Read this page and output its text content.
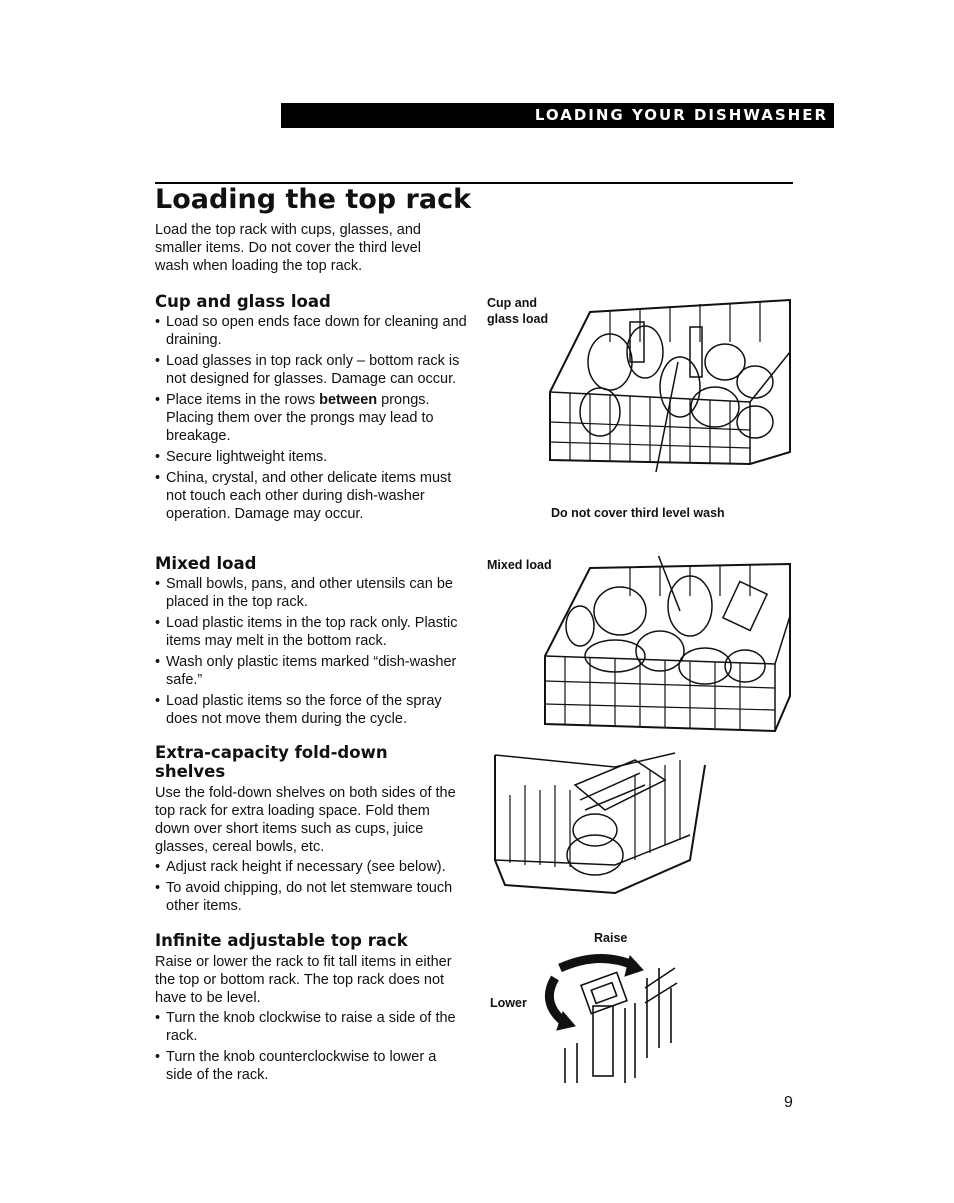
LOADING YOUR DISHWASHER
Loading the top rack

Load the top rack with cups, glasses, and smaller items. Do not cover the third level wash when loading the top rack.

Cup and glass load
• Load so open ends face down for cleaning and draining.
• Load glasses in top rack only – bottom rack is not designed for glasses. Damage can occur.
• Place items in the rows between prongs. Placing them over the prongs may lead to breakage.
• Secure lightweight items.
• China, crystal, and other delicate items must not touch each other during dish-washer operation. Damage may occur.
Mixed load
• Small bowls, pans, and other utensils can be placed in the top rack.
• Load plastic items in the top rack only. Plastic items may melt in the bottom rack.
• Wash only plastic items marked “dish-washer safe.”
• Load plastic items so the force of the spray does not move them during the cycle.
Extra-capacity fold-down shelves

Use the fold-down shelves on both sides of the top rack for extra loading space. Fold them down over short items such as cups, juice glasses, cereal bowls, etc.

• Adjust rack height if necessary (see below).
• To avoid chipping, do not let stemware touch other items.
Infinite adjustable top rack

Raise or lower the rack to fit tall items in either the top or bottom rack. The top rack does not have to be level.

• Turn the knob clockwise to raise a side of the rack.
• Turn the knob counterclockwise to lower a side of the rack.
Cup and glass load
Do not cover third level wash
Mixed load
Raise
Lower
9
